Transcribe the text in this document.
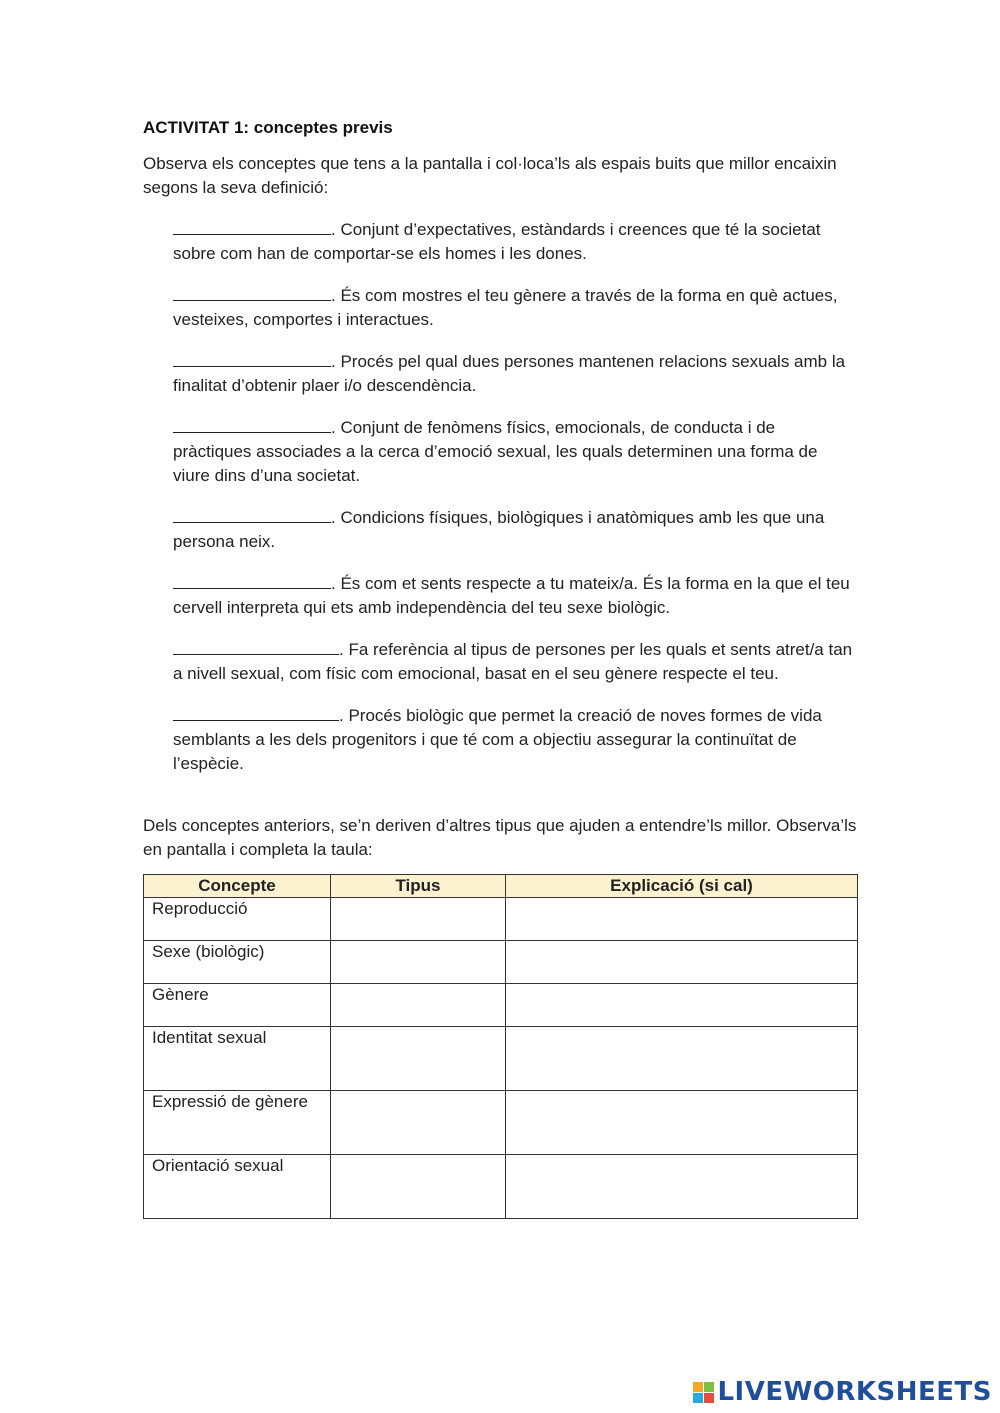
ACTIVITAT 1: conceptes previs

Observa els conceptes que tens a la pantalla i col·loca’ls als espais buits que millor encaixin segons la seva definició:

. Conjunt d’expectatives, estàndards i creences que té la societat sobre com han de comportar-se els homes i les dones.

. És com mostres el teu gènere a través de la forma en què actues, vesteixes, comportes i interactues.

. Procés pel qual dues persones mantenen relacions sexuals amb la finalitat d’obtenir plaer i/o descendència.

. Conjunt de fenòmens físics, emocionals, de conducta i de pràctiques associades a la cerca d’emoció sexual, les quals determinen una forma de viure dins d’una societat.

. Condicions físiques, biològiques i anatòmiques amb les que una persona neix.

. És com et sents respecte a tu mateix/a. És la forma en la que el teu cervell interpreta qui ets amb independència del teu sexe biològic.

. Fa referència al tipus de persones per les quals et sents atret/a tan a nivell sexual, com físic com emocional, basat en el seu gènere respecte el teu.

. Procés biològic que permet la creació de noves formes de vida semblants a les dels progenitors i que té com a objectiu assegurar la continuïtat de l’espècie.

Dels conceptes anteriors, se’n deriven d’altres tipus que ajuden a entendre’ls millor. Observa’ls en pantalla i completa la taula:

Concepte	Tipus	Explicació (si cal)
Reproducció		
Sexe (biològic)		
Gènere		
Identitat sexual		
Expressió de gènere		
Orientació sexual		
LIVEWORKSHEETS
